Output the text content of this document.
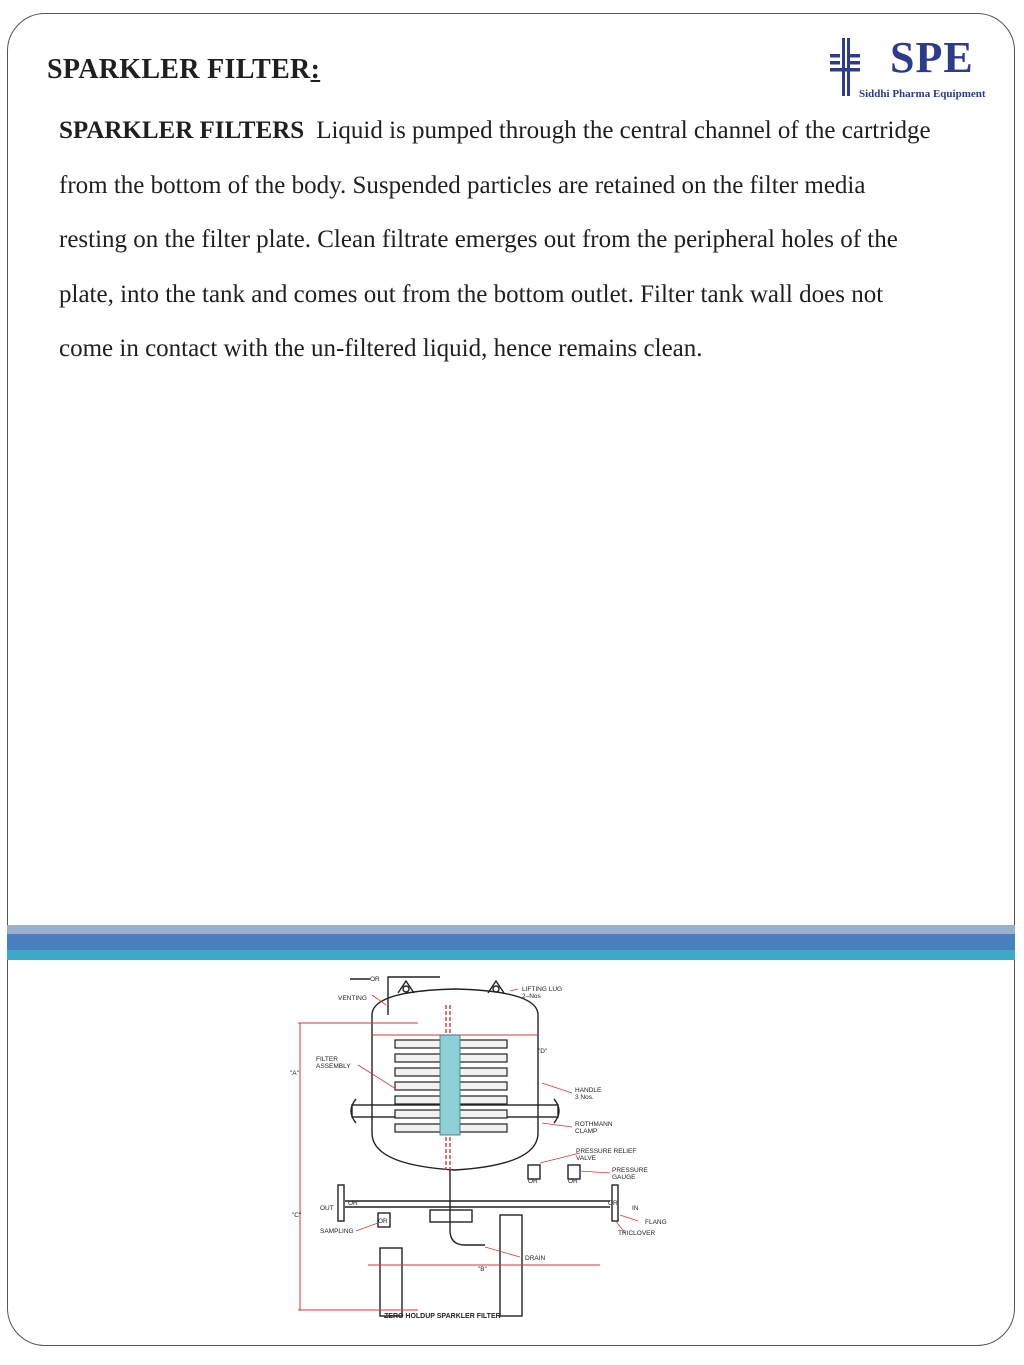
SPARKLER FILTER:	SPE
Siddhi Pharma Equipment
SPARKLER FILTERS Liquid is pumped through the central channel of the cartridge from the bottom of the body. Suspended particles are retained on the filter media resting on the filter plate. Clean filtrate emerges out from the peripheral holes of the plate, into the tank and comes out from the bottom outlet. Filter tank wall does not come in contact with the un-filtered liquid, hence remains clean.
OR
VENTING
LIFTING LUG
2–Nos
"D"
FILTER
ASSEMBLY
"A"
HANDLE
3 Nos.
ROTHMANN
CLAMP
PRESSURE RELIEF
VALVE
PRESSURE
GAUGE
OR	OR
OUT
OR
IN
OR
"C"
OR
SAMPLING
FLANG
TRICLOVER
DRAIN
"B"
ZERO HOLDUP SPARKLER FILTER
